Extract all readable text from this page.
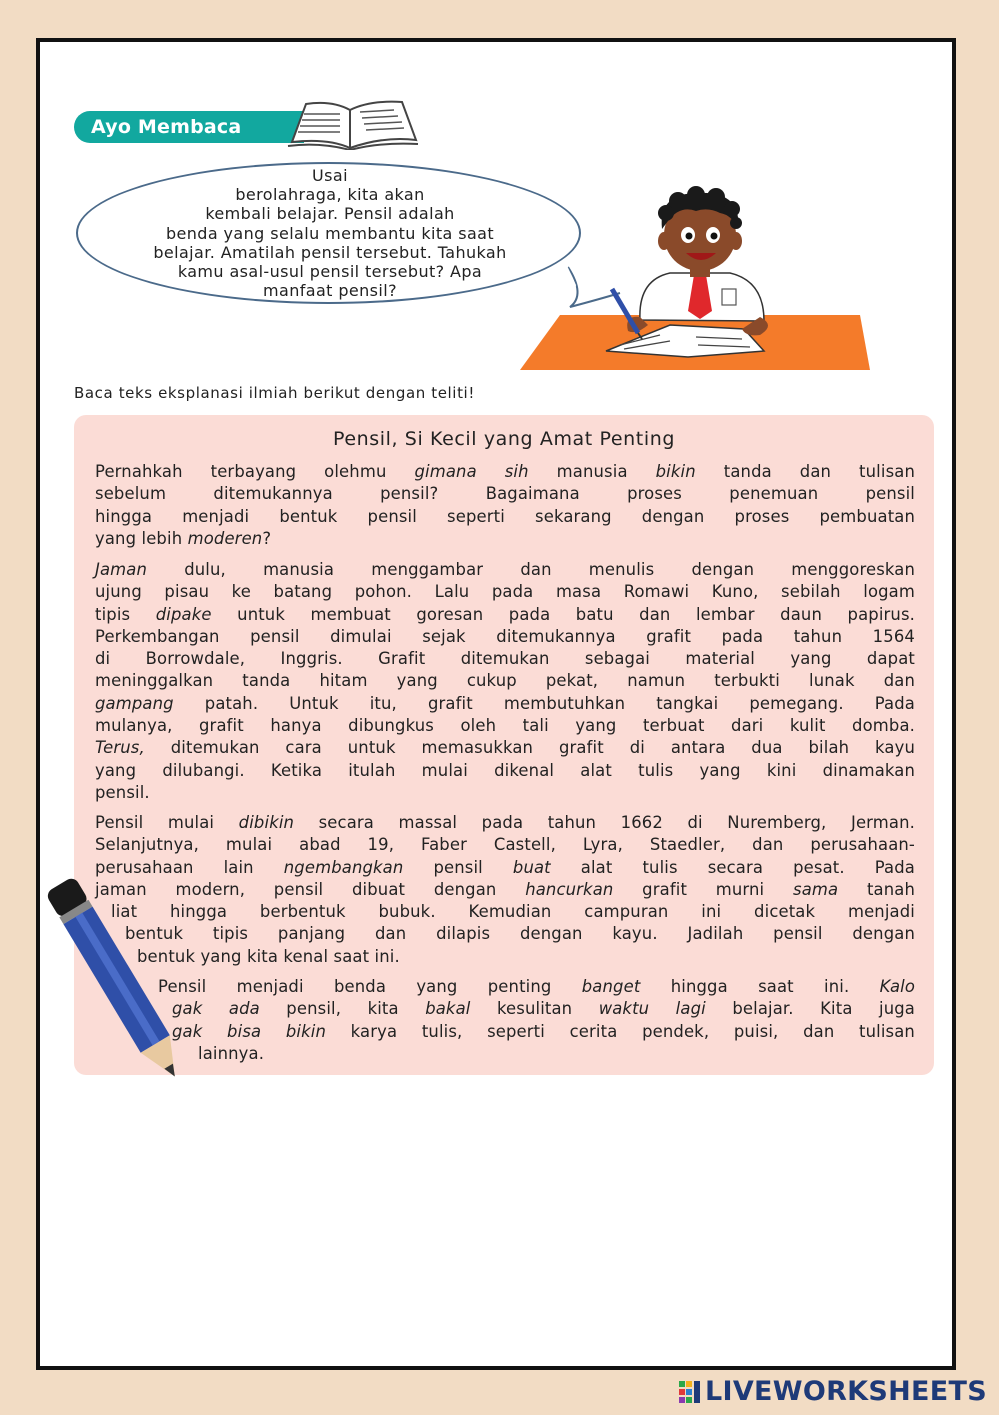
Ayo Membaca
Usai
berolahraga, kita akan
kembali belajar. Pensil adalah
benda yang selalu membantu kita saat
belajar. Amatilah pensil tersebut. Tahukah
kamu asal-usul pensil tersebut? Apa
manfaat pensil?
Baca teks eksplanasi ilmiah berikut dengan teliti!
Pensil, Si Kecil yang Amat Penting
Pernahkah terbayang olehmu gimana sih manusia bikin tanda dan tulisan
sebelum ditemukannya pensil? Bagaimana proses penemuan pensil
hingga menjadi bentuk pensil seperti sekarang dengan proses pembuatan
yang lebih moderen?
Jaman dulu, manusia menggambar dan menulis dengan menggoreskan
ujung pisau ke batang pohon. Lalu pada masa Romawi Kuno, sebilah logam
tipis dipake untuk membuat goresan pada batu dan lembar daun papirus.
Perkembangan pensil dimulai sejak ditemukannya grafit pada tahun 1564
di Borrowdale, Inggris. Grafit ditemukan sebagai material yang dapat
meninggalkan tanda hitam yang cukup pekat, namun terbukti lunak dan
gampang patah. Untuk itu, grafit membutuhkan tangkai pemegang. Pada
mulanya, grafit hanya dibungkus oleh tali yang terbuat dari kulit domba.
Terus, ditemukan cara untuk memasukkan grafit di antara dua bilah kayu
yang dilubangi. Ketika itulah mulai dikenal alat tulis yang kini dinamakan
pensil.
Pensil mulai dibikin secara massal pada tahun 1662 di Nuremberg, Jerman.
Selanjutnya, mulai abad 19, Faber Castell, Lyra, Staedler, dan perusahaan-
perusahaan lain ngembangkan pensil buat alat tulis secara pesat. Pada
jaman modern, pensil dibuat dengan hancurkan grafit murni sama tanah
liat hingga berbentuk bubuk. Kemudian campuran ini dicetak menjadi
bentuk tipis panjang dan dilapis dengan kayu. Jadilah pensil dengan
bentuk yang kita kenal saat ini.
Pensil menjadi benda yang penting banget hingga saat ini. Kalo
gak ada pensil, kita bakal kesulitan waktu lagi belajar. Kita juga
gak bisa bikin karya tulis, seperti cerita pendek, puisi, dan tulisan
lainnya.
LIVEWORKSHEETS
